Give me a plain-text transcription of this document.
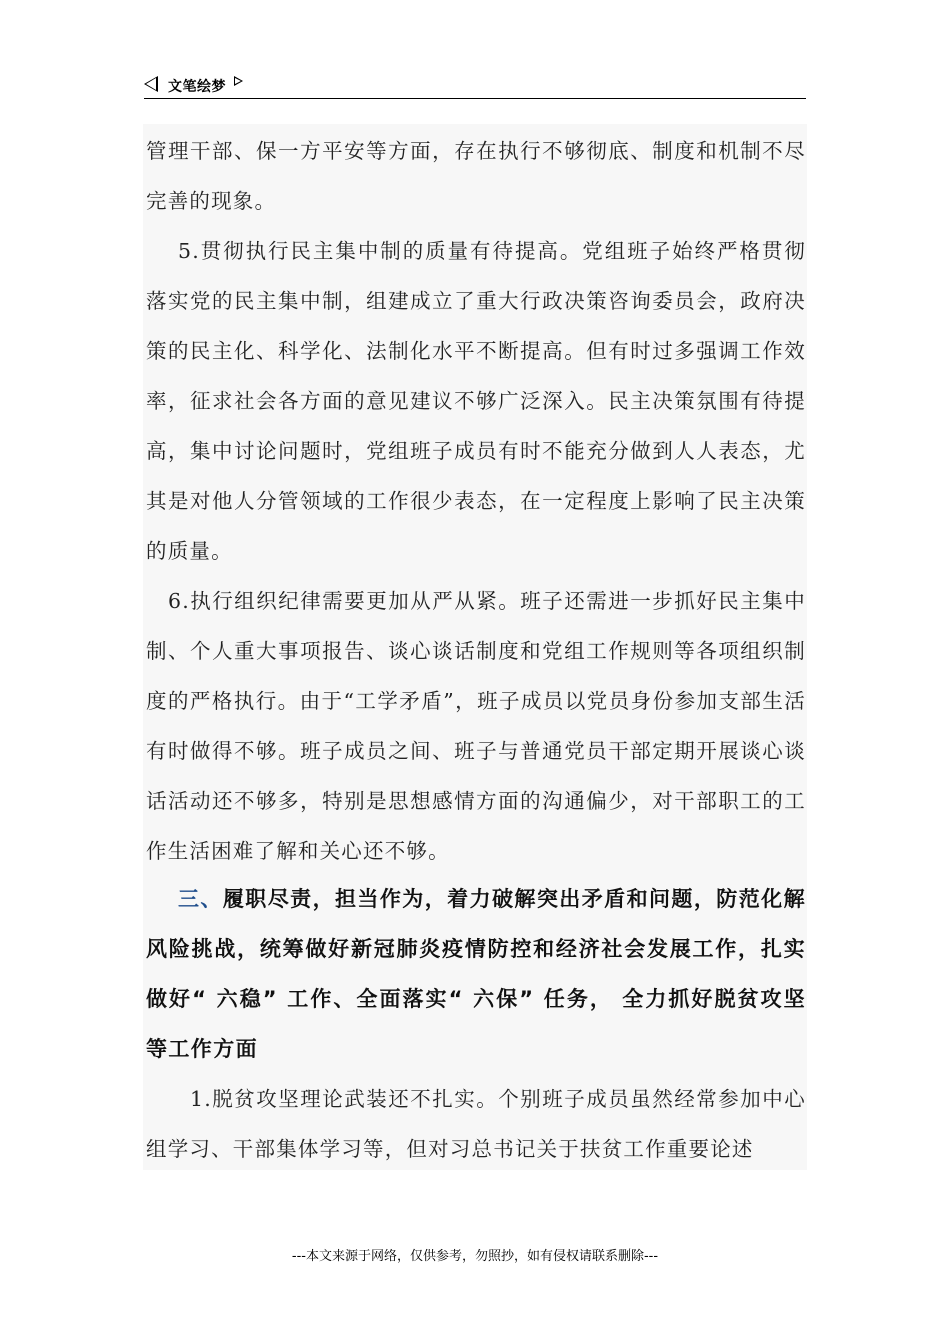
文笔绘梦

管理干部、保一方平安等方面，存在执行不够彻底、制度和机制不尽完善的现象。

5.贯彻执行民主集中制的质量有待提高。党组班子始终严格贯彻落实党的民主集中制，组建成立了重大行政决策咨询委员会，政府决策的民主化、科学化、法制化水平不断提高。但有时过多强调工作效率，征求社会各方面的意见建议不够广泛深入。民主决策氛围有待提高，集中讨论问题时，党组班子成员有时不能充分做到人人表态，尤其是对他人分管领域的工作很少表态，在一定程度上影响了民主决策的质量。

6.执行组织纪律需要更加从严从紧。班子还需进一步抓好民主集中制、个人重大事项报告、谈心谈话制度和党组工作规则等各项组织制度的严格执行。由于“工学矛盾”，班子成员以党员身份参加支部生活有时做得不够。班子成员之间、班子与普通党员干部定期开展谈心谈话活动还不够多，特别是思想感情方面的沟通偏少，对干部职工的工作生活困难了解和关心还不够。

三、履职尽责，担当作为，着力破解突出矛盾和问题，防范化解风险挑战，统筹做好新冠肺炎疫情防控和经济社会发展工作，扎实做好“ 六稳” 工作、全面落实“ 六保” 任务， 全力抓好脱贫攻坚等工作方面

1.脱贫攻坚理论武装还不扎实。个别班子成员虽然经常参加中心组学习、干部集体学习等，但对习总书记关于扶贫工作重要论述

---本文来源于网络，仅供参考，勿照抄，如有侵权请联系删除---
